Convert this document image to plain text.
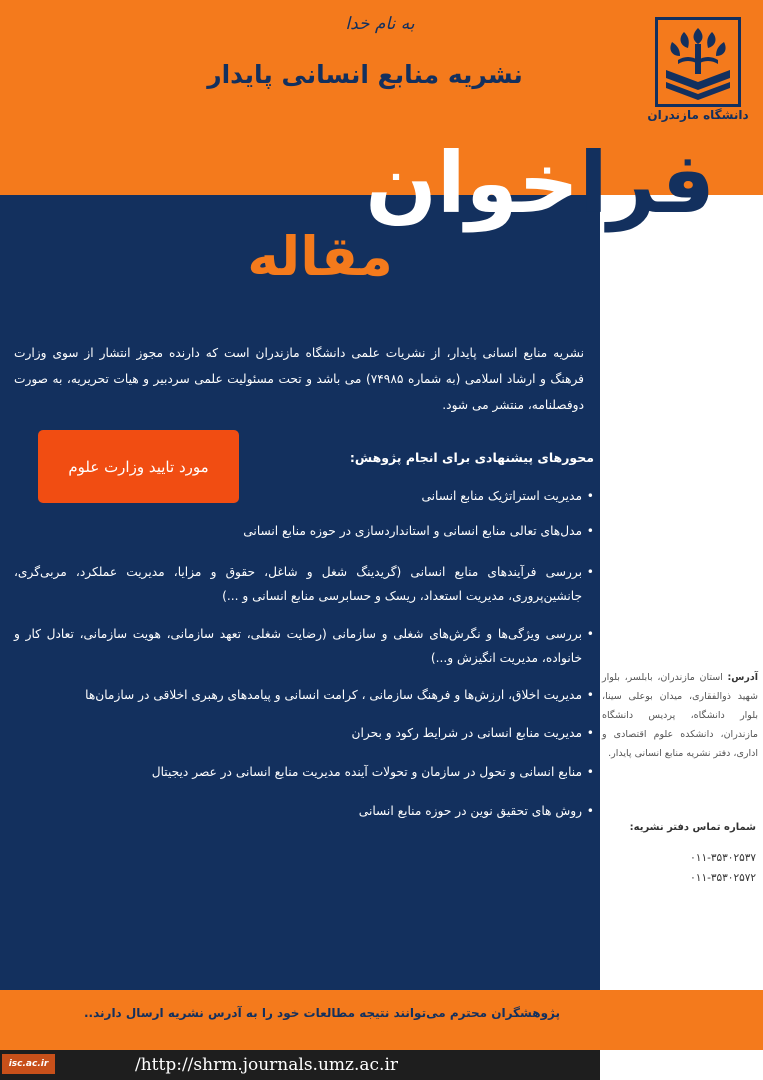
به نام خدا
نشریه منابع انسانی پایدار
دانشگاه مازندران
فراخوان
مقاله
نشریه منابع انسانی پایدار، از نشریات علمی دانشگاه مازندران است که دارنده مجوز انتشار از سوی وزارت فرهنگ و ارشاد اسلامی (به شماره ۷۴۹۸۵) می باشد و تحت مسئولیت علمی سردبیر و هیات تحریریه، به صورت دوفصلنامه، منتشر می شود.
مورد تایید وزارت علوم	محورهای پیشنهادی برای انجام پژوهش:
•
مدیریت استراتژیک منابع انسانی
•
مدل‌های تعالی منابع انسانی و استانداردسازی در حوزه منابع انسانی
•
بررسی فرآیندهای منابع انسانی (گریدینگ شغل و شاغل، حقوق و مزایا، مدیریت عملکرد، مربی‌گری، جانشین‌پروری، مدیریت استعداد، ریسک و حسابرسی منابع انسانی و ...)
•
بررسی ویژگی‌ها و نگرش‌های شغلی و سازمانی (رضایت شغلی، تعهد سازمانی، هویت سازمانی، تعادل کار و خانواده، مدیریت انگیزش و...)
•
مدیریت اخلاق، ارزش‌ها و فرهنگ سازمانی ، کرامت انسانی و پیامدهای رهبری اخلاقی در سازمان‌ها
•
مدیریت منابع انسانی در شرایط رکود و بحران
•
منابع انسانی و تحول در سازمان و تحولات آینده مدیریت منابع انسانی در عصر دیجیتال
•
روش های تحقیق نوین در حوزه منابع انسانی
آدرس: استان مازندران، بابلسر، بلوار شهید ذوالفقاری، میدان بوعلی سینا، بلوار دانشگاه، پردیس دانشگاه مازندران، دانشکده علوم اقتصادی و اداری، دفتر نشریه منابع انسانی پایدار.
شماره تماس دفتر نشریه:
۰۱۱-۳۵۳۰۲۵۳۷
۰۱۱-۳۵۳۰۲۵۷۲
پژوهشگران محترم می‌توانند نتیجه مطالعات خود را به آدرس نشریه ارسال دارند..
isc.ac.ir	/http://shrm.journals.umz.ac.ir
